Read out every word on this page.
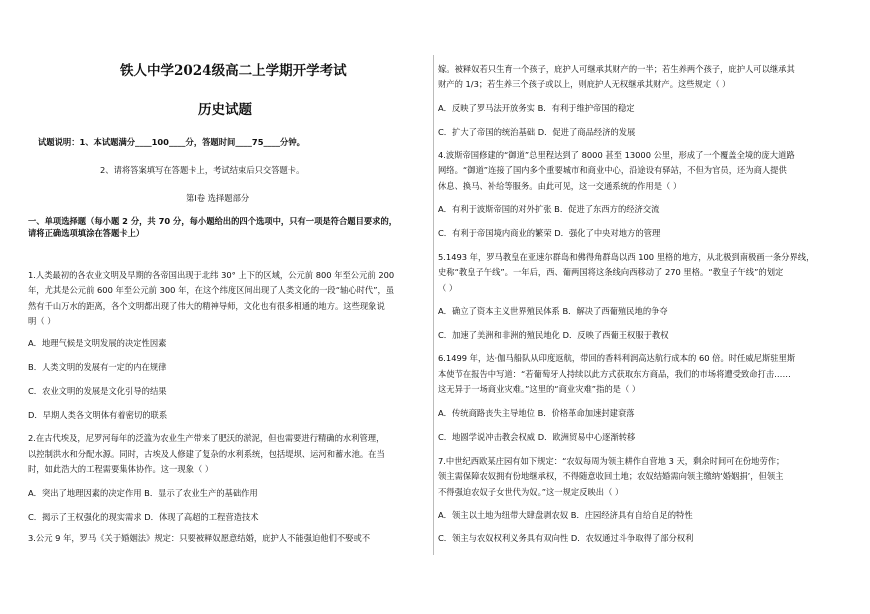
铁人中学2024级高二上学期开学考试
历史试题
试题说明：1、本试题满分____100____分，答题时间____75____分钟。
2、请将答案填写在答题卡上，考试结束后只交答题卡。
第Ⅰ卷 选择题部分
一、单项选择题（每小题 2 分，共 70 分，每小题给出的四个选项中，只有一项是符合题目要求的，
请将正确选项填涂在答题卡上）
1.人类最初的各农业文明及早期的各帝国出现于北纬 30° 上下的区域，公元前 800 年至公元前 200
年，尤其是公元前 600 年至公元前 300 年，在这个纬度区间出现了人类文化的一段“轴心时代”，虽
然有千山万水的距离，各个文明都出现了伟大的精神导师，文化也有很多相通的地方。这些现象说
明（ ）
A．地理气候是文明发展的决定性因素
B．人类文明的发展有一定的内在规律
C．农业文明的发展是文化引导的结果
D．早期人类各文明体有着密切的联系
2.在古代埃及，尼罗河每年的泛滥为农业生产带来了肥沃的淤泥，但也需要进行精确的水利管理，
以控制洪水和分配水源。同时，古埃及人修建了复杂的水利系统，包括堤坝、运河和蓄水池。在当
时，如此浩大的工程需要集体协作。这一现象（ ）
A．突出了地理因素的决定作用 B．显示了农业生产的基础作用
C．揭示了王权强化的现实需求 D．体现了高超的工程营造技术
3.公元 9 年，罗马《关于婚姻法》规定：只要被释奴愿意结婚，庇护人不能强迫他们不娶或不
嫁。被释奴若只生育一个孩子，庇护人可继承其财产的一半；若生养两个孩子，庇护人可以继承其
财产的 1/3；若生养三个孩子或以上，则庇护人无权继承其财产。这些规定（ ）
A．反映了罗马法开放务实 B．有利于维护帝国的稳定
C．扩大了帝国的统治基础 D．促进了商品经济的发展
4.波斯帝国修建的“御道”总里程达到了 8000 甚至 13000 公里，形成了一个覆盖全境的庞大道路
网络。“御道”连接了国内多个重要城市和商业中心，沿途设有驿站，不但为官员，还为商人提供
休息、换马、补给等服务。由此可见，这一交通系统的作用是（ ）
A．有利于波斯帝国的对外扩张 B．促进了东西方的经济交流
C．有利于帝国境内商业的繁荣 D．强化了中央对地方的管理
5.1493 年，罗马教皇在亚速尔群岛和佛得角群岛以西 100 里格的地方，从北极到南极画一条分界线，
史称“教皇子午线”。一年后，西、葡两国将这条线向西移动了 270 里格。“教皇子午线”的划定
（ ）
A．确立了资本主义世界殖民体系 B．解决了西葡殖民地的争夺
C．加速了美洲和非洲的殖民地化 D．反映了西葡王权服于教权
6.1499 年，达·伽马船队从印度返航，带回的香料利润高达航行成本的 60 倍。时任威尼斯驻里斯
本使节在报告中写道：“若葡萄牙人持续以此方式获取东方商品，我们的市场将遭受致命打击……
这无异于一场商业灾难。”这里的“商业灾难”指的是（ ）
A．传统商路丧失主导地位 B．价格革命加速封建衰落
C．地圆学说冲击教会权威 D．欧洲贸易中心逐渐转移
7.中世纪西欧某庄园有如下规定：“农奴每周为领主耕作自营地 3 天，剩余时间可在份地劳作；
领主需保障农奴拥有份地继承权，不得随意收回土地；农奴结婚需向领主缴纳‘婚姻捐’，但领主
不得强迫农奴子女世代为奴。”这一规定反映出（ ）
A．领主以土地为纽带大肆盘剥农奴 B．庄园经济具有自给自足的特性
C．领主与农奴权利义务具有双向性 D．农奴通过斗争取得了部分权利
